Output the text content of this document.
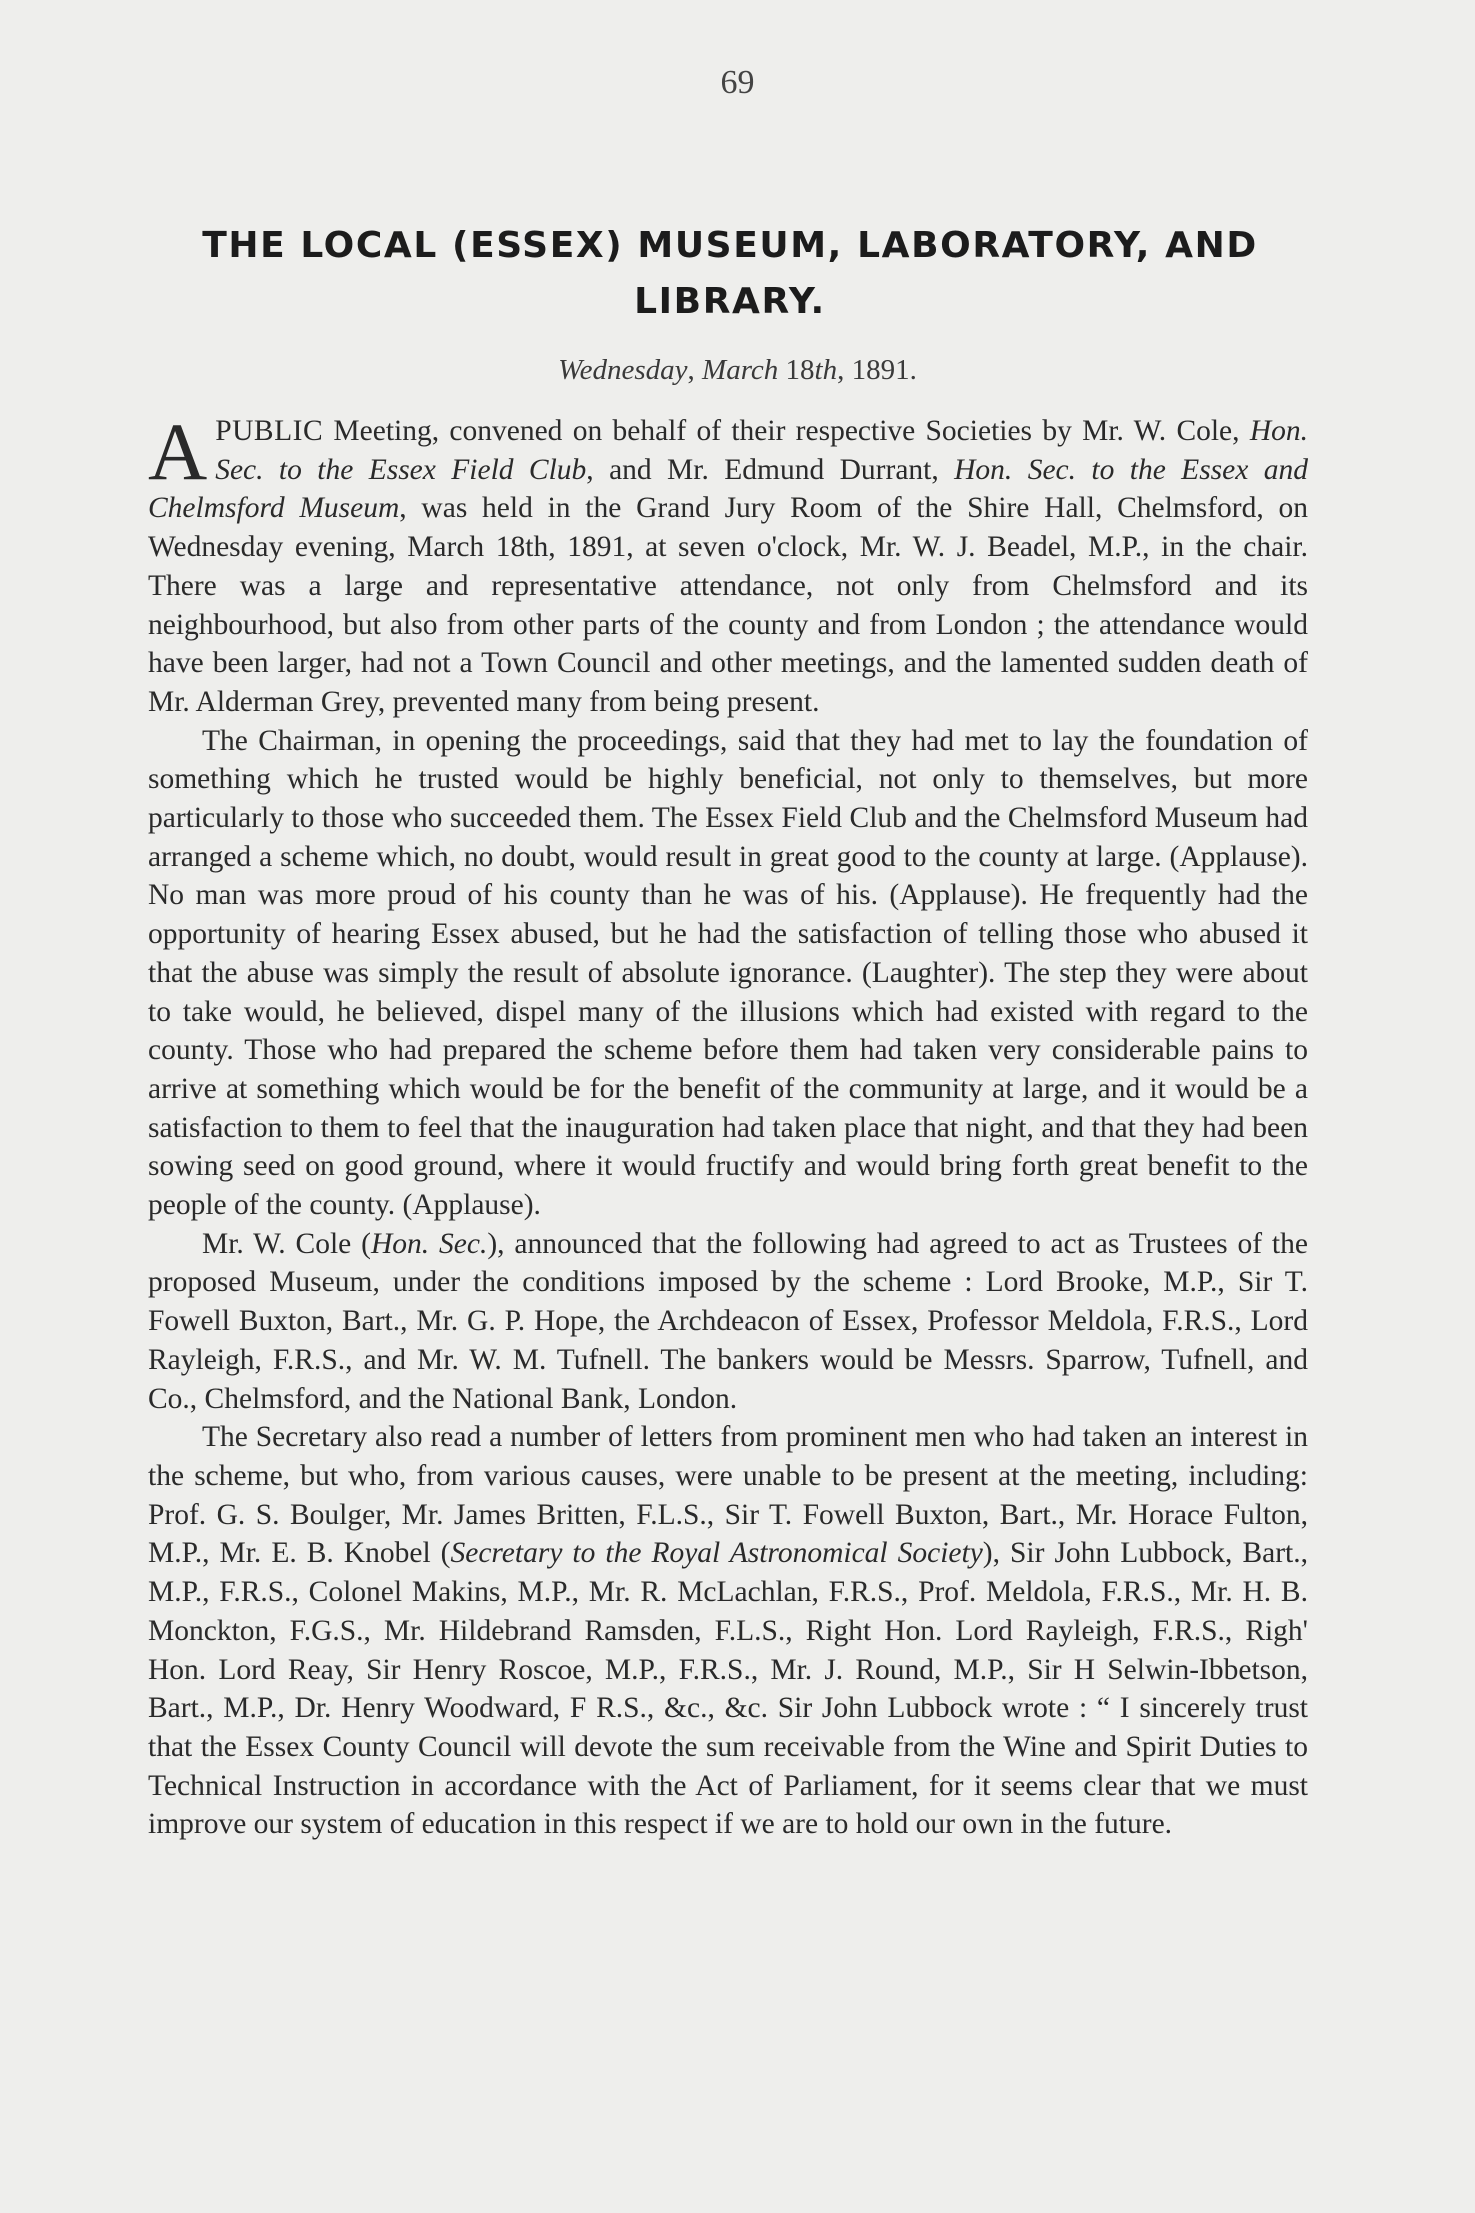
69
THE LOCAL (ESSEX) MUSEUM, LABORATORY, AND LIBRARY.
Wednesday, March 18th, 1891.

APUBLIC Meeting, convened on behalf of their respective Societies by Mr. W. Cole, Hon. Sec. to the Essex Field Club, and Mr. Edmund Durrant, Hon. Sec. to the Essex and Chelmsford Museum, was held in the Grand Jury Room of the Shire Hall, Chelmsford, on Wednesday evening, March 18th, 1891, at seven o'clock, Mr. W. J. Beadel, M.P., in the chair. There was a large and representative attendance, not only from Chelmsford and its neighbourhood, but also from other parts of the county and from London ; the attendance would have been larger, had not a Town Council and other meetings, and the lamented sudden death of Mr. Alderman Grey, prevented many from being present.

The Chairman, in opening the proceedings, said that they had met to lay the foundation of something which he trusted would be highly beneficial, not only to themselves, but more particularly to those who succeeded them. The Essex Field Club and the Chelmsford Museum had arranged a scheme which, no doubt, would result in great good to the county at large. (Applause). No man was more proud of his county than he was of his. (Applause). He frequently had the opportunity of hearing Essex abused, but he had the satisfaction of telling those who abused it that the abuse was simply the result of absolute ignorance. (Laughter). The step they were about to take would, he believed, dispel many of the illusions which had existed with regard to the county. Those who had prepared the scheme before them had taken very considerable pains to arrive at something which would be for the benefit of the community at large, and it would be a satisfaction to them to feel that the inauguration had taken place that night, and that they had been sowing seed on good ground, where it would fructify and would bring forth great benefit to the people of the county. (Applause).

Mr. W. Cole (Hon. Sec.), announced that the following had agreed to act as Trustees of the proposed Museum, under the conditions imposed by the scheme : Lord Brooke, M.P., Sir T. Fowell Buxton, Bart., Mr. G. P. Hope, the Archdeacon of Essex, Professor Meldola, F.R.S., Lord Rayleigh, F.R.S., and Mr. W. M. Tufnell. The bankers would be Messrs. Sparrow, Tufnell, and Co., Chelmsford, and the National Bank, London.

The Secretary also read a number of letters from prominent men who had taken an interest in the scheme, but who, from various causes, were unable to be present at the meeting, including: Prof. G. S. Boulger, Mr. James Britten, F.L.S., Sir T. Fowell Buxton, Bart., Mr. Horace Fulton, M.P., Mr. E. B. Knobel (Secretary to the Royal Astronomical Society), Sir John Lubbock, Bart., M.P., F.R.S., Colonel Makins, M.P., Mr. R. McLachlan, F.R.S., Prof. Meldola, F.R.S., Mr. H. B. Monckton, F.G.S., Mr. Hildebrand Ramsden, F.L.S., Right Hon. Lord Rayleigh, F.R.S., Righ' Hon. Lord Reay, Sir Henry Roscoe, M.P., F.R.S., Mr. J. Round, M.P., Sir H Selwin-Ibbetson, Bart., M.P., Dr. Henry Woodward, F R.S., &c., &c. Sir John Lubbock wrote : “ I sincerely trust that the Essex County Council will devote the sum receivable from the Wine and Spirit Duties to Technical Instruction in accordance with the Act of Parliament, for it seems clear that we must improve our system of education in this respect if we are to hold our own in the future.
